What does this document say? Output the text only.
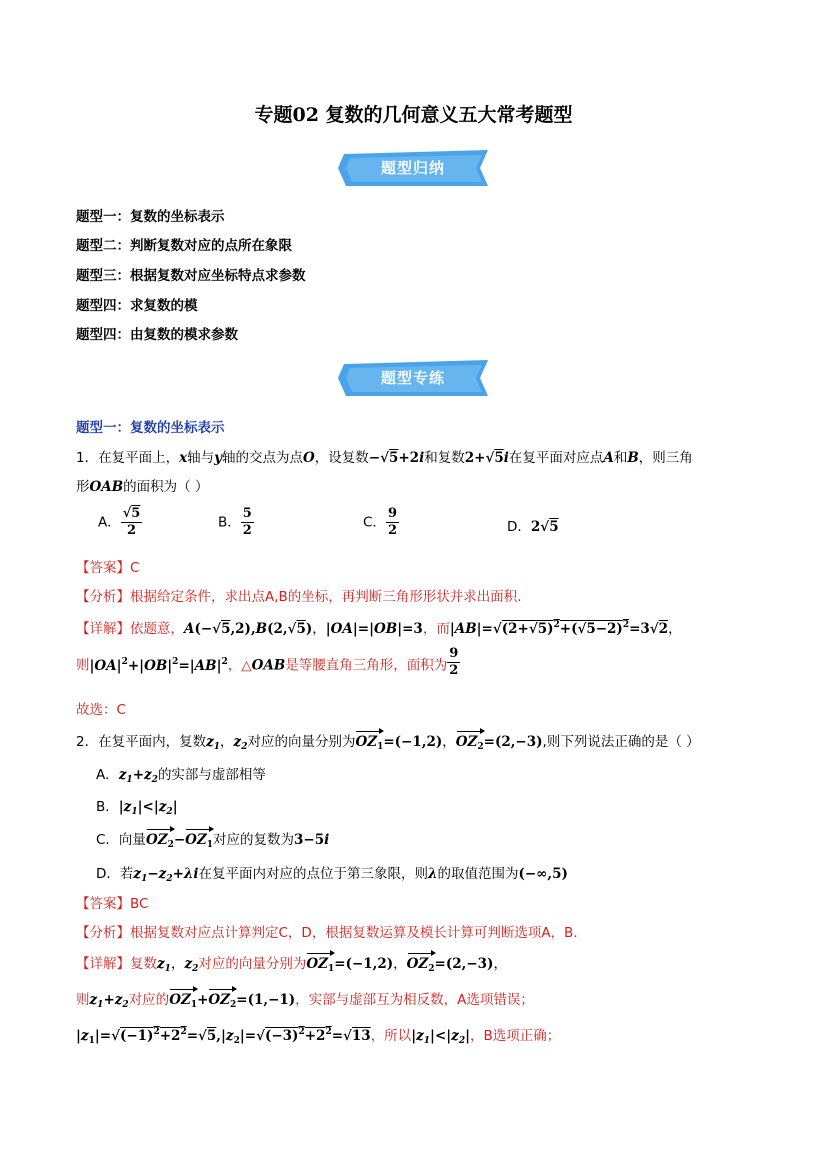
专题02 复数的几何意义五大常考题型
题型归纳
题型一：复数的坐标表示
题型二：判断复数对应的点所在象限
题型三：根据复数对应坐标特点求参数
题型四：求复数的模
题型四：由复数的模求参数
题型专练
题型一：复数的坐标表示
1．在复平面上，x轴与y轴的交点为点O，设复数−√5+2i和复数2+√5i在复平面对应点A和B，则三角
形OAB的面积为（ ）
A． $\frac{√5}{2}$	B． $\frac{5}{2}$	C． $\frac{9}{2}$	D．2√5
【答案】C
【分析】根据给定条件，求出点A,B的坐标，再判断三角形形状并求出面积.
【详解】依题意，A(−√5,2),B(2,√5)，|OA|=|OB|=3，而$|AB|=√(2+√5)^2+(√5-2)^2=3√2$，
则$|OA|^2+|OB|^2=|AB|^2$，△OAB是等腰直角三角形，面积为 $\frac{9}{2}$
故选：C
2．在复平面内，复数$z_1$，$z_2$对应的向量分别为$OZ_1=(-1,2)$，$OZ_2=(2,-3)$,则下列说法正确的是（ ）
A．$z_1+z_2$的实部与虚部相等
B．$|z_1|<|z_2|$
C．向量$OZ_2-OZ_1$对应的复数为3−5i
D．若$z_1-z_2+\lambda i$在复平面内对应的点位于第三象限，则λ的取值范围为(−∞,5)
【答案】BC
【分析】根据复数对应点计算判定C，D，根据复数运算及模长计算可判断选项A，B.
【详解】复数$z_1$，$z_2$对应的向量分别为$OZ_1=(-1,2)$，$OZ_2=(2,-3)$，
则$z_1+z_2$对应的$OZ_1+OZ_2=(1,-1)$，实部与虚部互为相反数，A选项错误；
$|z_1|=√(-1)^2+2^2=√5,|z_2|=√(-3)^2+2^2=√13$，所以$|z_1|<|z_2|$，B选项正确；
